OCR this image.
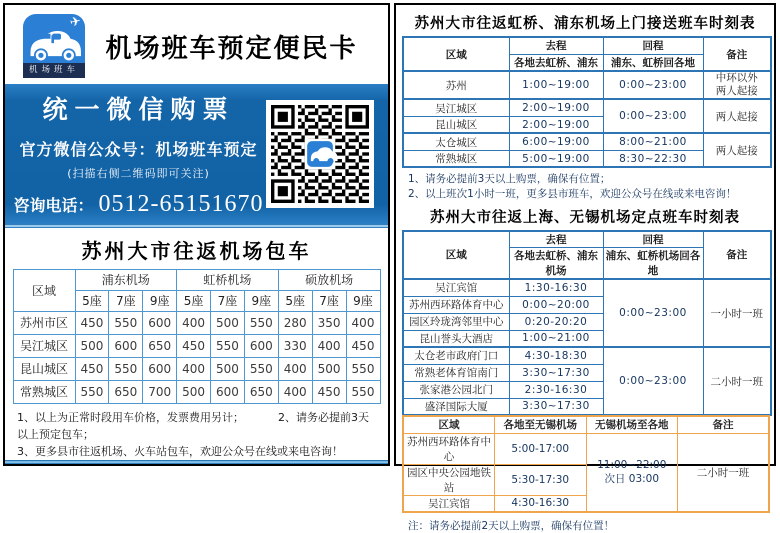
✈
机场班车
机场班车预定便民卡
统一微信购票
官方微信公众号：机场班车预定
(扫描右侧二维码即可关注)
咨询电话： 0512-65151670
苏州大市往返机场包车
区域	浦东机场			虹桥机场			硕放机场		
	5座	7座	9座	5座	7座	9座	5座	7座	9座
苏州市区	450	550	600	400	500	550	280	350	400
吴江城区	500	600	650	450	550	600	330	400	450
昆山城区	450	550	600	400	500	550	400	500	550
常熟城区	550	650	700	500	600	650	400	450	550
1、以上为正常时段用车价格，发票费用另计；	2、请务必提前3天以上预定包车；
3、更多县市往返机场、火车站包车，欢迎公众号在线或来电咨询！
苏州大市往返虹桥、浦东机场上门接送班车时刻表
区域	去程	回程	备注
	各地去虹桥、浦东	浦东、虹桥回各地	
苏州	1:00~19:00	0:00~23:00	中环以外
两人起接

吴江城区	2:00~19:00	0:00~23:00	两人起接
昆山城区	2:00~19:00		
太仓城区	6:00~19:00	8:00~21:00	两人起接
常熟城区	5:00~19:00	8:30~22:30	
1、请务必提前3天以上购票，确保有位置；
2、以上班次1小时一班，更多县市班车，欢迎公众号在线或来电咨询！
苏州大市往返上海、无锡机场定点班车时刻表
区域	去程	回程	备注
	各地去虹桥、浦东机场	浦东、虹桥机场回各地	
吴江宾馆	1:30-16:30	0:00~23:00	一小时一班
苏州西环路体育中心	0:00~20:00		
园区玲珑湾邻里中心	0:20-20:20		
昆山誉头大酒店	1:00~21:00		
太仓老市政府门口	4:30-18:30	0:00~23:00	二小时一班
常熟老体育馆南门	3:30~17:30		
张家港公园北门	2:30-16:30		
盛泽国际大厦	3:30~17:30		
区域	各地至无锡机场	无锡机场至各地	备注
苏州西环路体育中心	5:00-17:00	11:00~22:00
次日 03:00	二小时一班
园区中央公园地铁站	5:30-17:30		
吴江宾馆	4:30-16:30		
注：请务必提前2天以上购票，确保有位置！
